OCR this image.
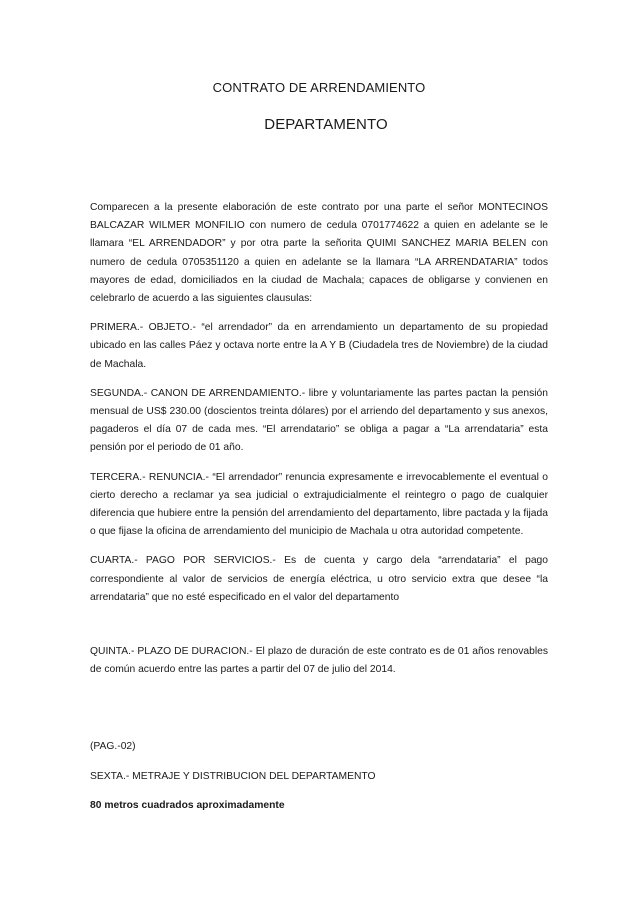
CONTRATO DE ARRENDAMIENTO
DEPARTAMENTO

Comparecen a la presente elaboración de este contrato por una parte el señor MONTECINOS BALCAZAR WILMER MONFILIO con numero de cedula 0701774622 a quien en adelante se le llamara “EL ARRENDADOR” y por otra parte la señorita QUIMI SANCHEZ MARIA BELEN con numero de cedula 0705351120 a quien en adelante se la llamara “LA ARRENDATARIA” todos mayores de edad, domiciliados en la ciudad de Machala; capaces de obligarse y convienen en celebrarlo de acuerdo a las siguientes clausulas:

PRIMERA.- OBJETO.- “el arrendador” da en arrendamiento un departamento de su propiedad ubicado en las calles Páez y octava norte entre la A Y B (Ciudadela tres de Noviembre) de la ciudad de Machala.

SEGUNDA.- CANON DE ARRENDAMIENTO.- libre y voluntariamente las partes pactan la pensión mensual de US$ 230.00 (doscientos treinta dólares) por el arriendo del departamento y sus anexos, pagaderos el día 07 de cada mes. “El arrendatario” se obliga a pagar a “La arrendataria” esta pensión por el periodo de 01 año.

TERCERA.- RENUNCIA.- “El arrendador” renuncia expresamente e irrevocablemente el eventual o cierto derecho a reclamar ya sea judicial o extrajudicialmente el reintegro o pago de cualquier diferencia que hubiere entre la pensión del arrendamiento del departamento, libre pactada y la fijada o que fijase la oficina de arrendamiento del municipio de Machala u otra autoridad competente.

CUARTA.- PAGO POR SERVICIOS.- Es de cuenta y cargo dela “arrendataria” el pago correspondiente al valor de servicios de energía eléctrica, u otro servicio extra que desee “la arrendataria” que no esté especificado en el valor del departamento

QUINTA.- PLAZO DE DURACION.- El plazo de duración de este contrato es de 01 años renovables de común acuerdo entre las partes a partir del 07 de julio del 2014.

(PAG.-02)

SEXTA.- METRAJE Y DISTRIBUCION DEL DEPARTAMENTO

80 metros cuadrados aproximadamente
